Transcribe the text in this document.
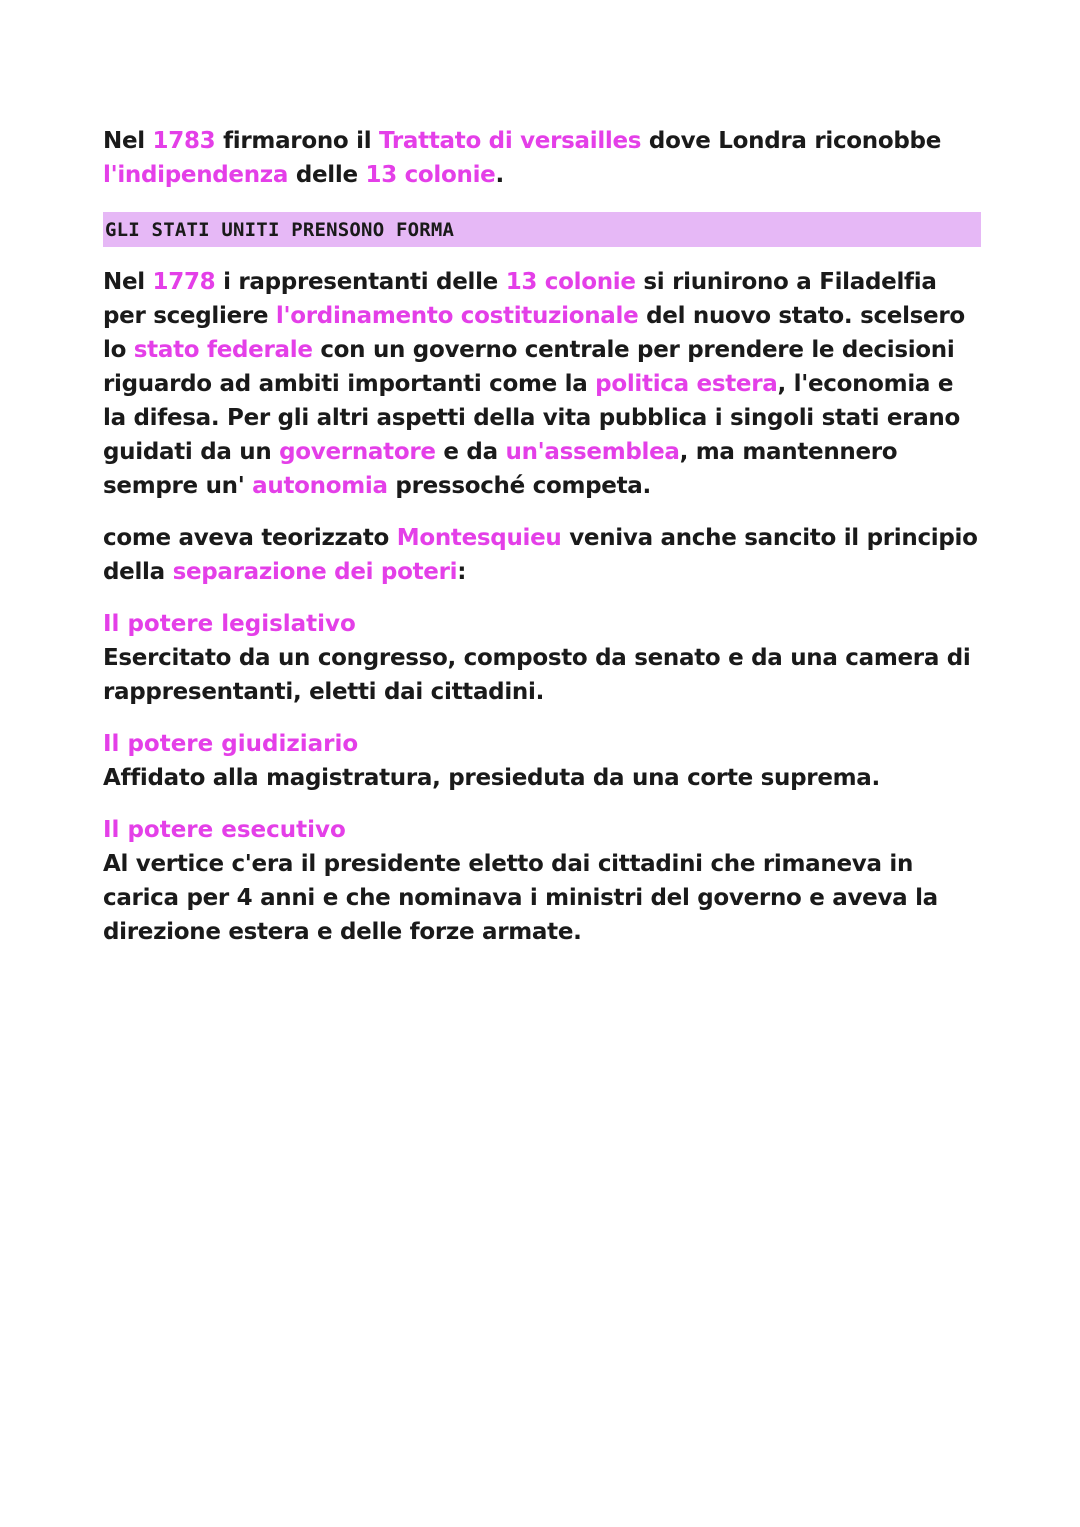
Nel 1783 firmarono il Trattato di versailles dove Londra riconobbe l'indipendenza delle 13 colonie.

GLI STATI UNITI PRENSONO FORMA

Nel 1778 i rappresentanti delle 13 colonie si riunirono a Filadelfia per scegliere l'ordinamento costituzionale del nuovo stato. scelsero lo stato federale con un governo centrale per prendere le decisioni riguardo ad ambiti importanti come la politica estera, l'economia e la difesa. Per gli altri aspetti della vita pubblica i singoli stati erano guidati da un governatore e da un'assemblea, ma mantennero sempre un' autonomia pressoché competa.

come aveva teorizzato Montesquieu veniva anche sancito il principio della separazione dei poteri:

Il potere legislativo

Esercitato da un congresso, composto da senato e da una camera di rappresentanti, eletti dai cittadini.

Il potere giudiziario

Affidato alla magistratura, presieduta da una corte suprema.

Il potere esecutivo

Al vertice c'era il presidente eletto dai cittadini che rimaneva in carica per 4 anni e che nominava i ministri del governo e aveva la direzione estera e delle forze armate.
